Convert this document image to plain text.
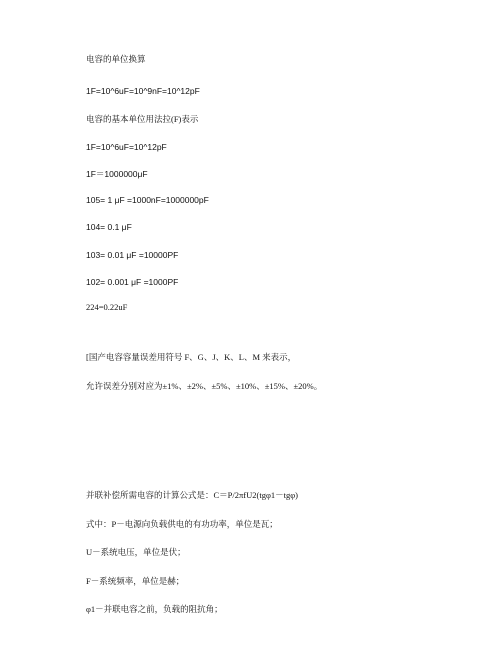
电容的单位换算
1F=10^6uF=10^9nF=10^12pF
电容的基本单位用法拉(F)表示
1F=10^6uF=10^12pF
1F＝1000000μF
105= 1 μF =1000nF=1000000pF
104= 0.1 μF
103= 0.01 μF =10000PF
102= 0.001 μF =1000PF
224=0.22uF
[国产电容容量误差用符号 F、G、J、K、L、M 来表示，
允许误差分别对应为±1%、±2%、±5%、±10%、±15%、±20%。
并联补偿所需电容的计算公式是：C＝P/2πfU2(tgφ1－tgφ)
式中：P－电源向负载供电的有功功率，单位是瓦；
U－系统电压，单位是伏；
F－系统频率，单位是赫；
φ1－并联电容之前，负载的阻抗角；
